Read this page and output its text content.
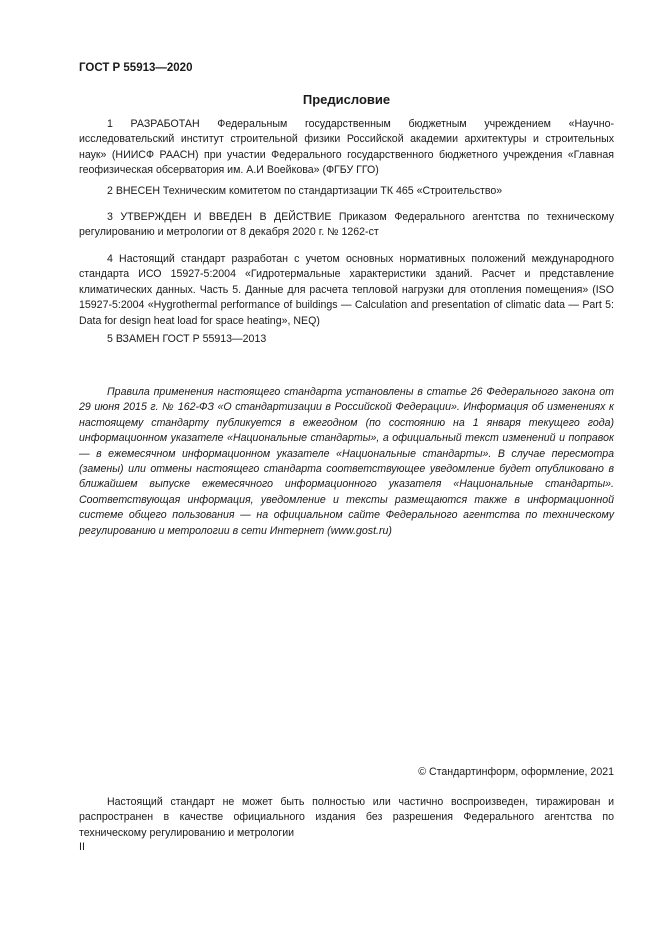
ГОСТ Р 55913—2020
Предисловие

1 РАЗРАБОТАН Федеральным государственным бюджетным учреждением «Научно-исследовательский институт строительной физики Российской академии архитектуры и строительных наук» (НИИСФ РААСН) при участии Федерального государственного бюджетного учреждения «Главная геофизическая обсерватория им. А.И Воейкова» (ФГБУ ГГО)

2 ВНЕСЕН Техническим комитетом по стандартизации ТК 465 «Строительство»

3 УТВЕРЖДЕН И ВВЕДЕН В ДЕЙСТВИЕ Приказом Федерального агентства по техническому регулированию и метрологии от 8 декабря 2020 г. № 1262-ст

4 Настоящий стандарт разработан с учетом основных нормативных положений международного стандарта ИСО 15927-5:2004 «Гидротермальные характеристики зданий. Расчет и представление климатических данных. Часть 5. Данные для расчета тепловой нагрузки для отопления помещения» (ISO 15927-5:2004 «Hygrothermal performance of buildings — Calculation and presentation of climatic data — Part 5: Data for design heat load for space heating», NEQ)

5 ВЗАМЕН ГОСТ Р 55913—2013

Правила применения настоящего стандарта установлены в статье 26 Федерального закона от 29 июня 2015 г. № 162-ФЗ «О стандартизации в Российской Федерации». Информация об изменениях к настоящему стандарту публикуется в ежегодном (по состоянию на 1 января текущего года) информационном указателе «Национальные стандарты», а официальный текст изменений и поправок — в ежемесячном информационном указателе «Национальные стандарты». В случае пересмотра (замены) или отмены настоящего стандарта соответствующее уведомление будет опубликовано в ближайшем выпуске ежемесячного информационного указателя «Национальные стандарты». Соответствующая информация, уведомление и тексты размещаются также в информационной системе общего пользования — на официальном сайте Федерального агентства по техническому регулированию и метрологии в сети Интернет (www.gost.ru)

© Стандартинформ, оформление, 2021

Настоящий стандарт не может быть полностью или частично воспроизведен, тиражирован и распространен в качестве официального издания без разрешения Федерального агентства по техническому регулированию и метрологии

II
